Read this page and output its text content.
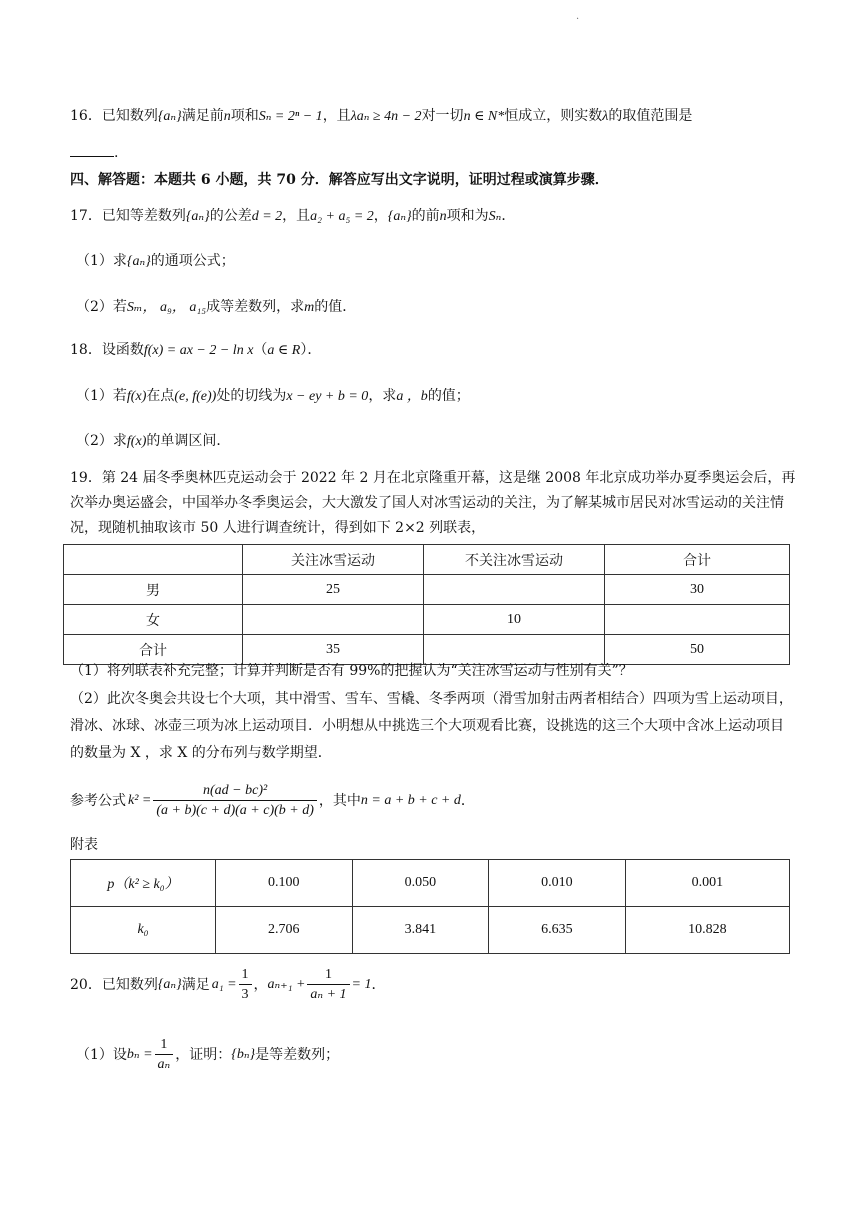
·
16．已知数列{aₙ}满足前n项和Sₙ = 2ⁿ − 1，且λaₙ ≥ 4n − 2对一切n ∈ N*恒成立，则实数λ的取值范围是
.
四、解答题：本题共 6 小题，共 70 分．解答应写出文字说明，证明过程或演算步骤．
17．已知等差数列{aₙ}的公差d = 2，且a₂ + a₅ = 2，{aₙ}的前n项和为Sₙ．
（1）求{aₙ}的通项公式；
（2）若Sₘ， a₉， a₁₅成等差数列，求m的值．
18．设函数f(x) = ax − 2 − ln x（a ∈ R）．
（1）若f(x)在点(e, f(e))处的切线为x − ey + b = 0，求a ，b的值；
（2）求f(x)的单调区间．
19．第 24 届冬季奥林匹克运动会于 2022 年 2 月在北京隆重开幕，这是继 2008 年北京成功举办夏季奥运会后，再次举办奥运盛会，中国举办冬季奥运会，大大激发了国人对冰雪运动的关注，为了解某城市居民对冰雪运动的关注情况，现随机抽取该市 50 人进行调查统计，得到如下 2×2 列联表，
	关注冰雪运动	不关注冰雪运动	合计
男	25		30
女		10	
合计	35		50
（1）将列联表补充完整；计算并判断是否有 99%的把握认为“关注冰雪运动与性别有关”？
（2）此次冬奥会共设七个大项，其中滑雪、雪车、雪橇、冬季两项（滑雪加射击两者相结合）四项为雪上运动项目，滑冰、冰球、冰壶三项为冰上运动项目．小明想从中挑选三个大项观看比赛，设挑选的这三个大项中含冰上运动项目的数量为 X ，求 X 的分布列与数学期望．
参考公式 $k^2 = \frac{\text{n(ad − bc)²}}{(a + b)(c + d)(a + c)(b + d)}$ ，其中 n = a + b + c + d ．
附表
p（k² ≥ k₀）	0.100	0.050	0.010	0.001
k₀	2.706	3.841	6.635	10.828
20．已知数列 {aₙ} 满足 $a_1 = \frac{1}{3}$ ， $a_{n+1} + \frac{1}{\text{aₙ + 1}} = 1$ ．
（1）设 $b_n = \frac{1}{\text{aₙ}}$ ，证明： {bₙ} 是等差数列；
